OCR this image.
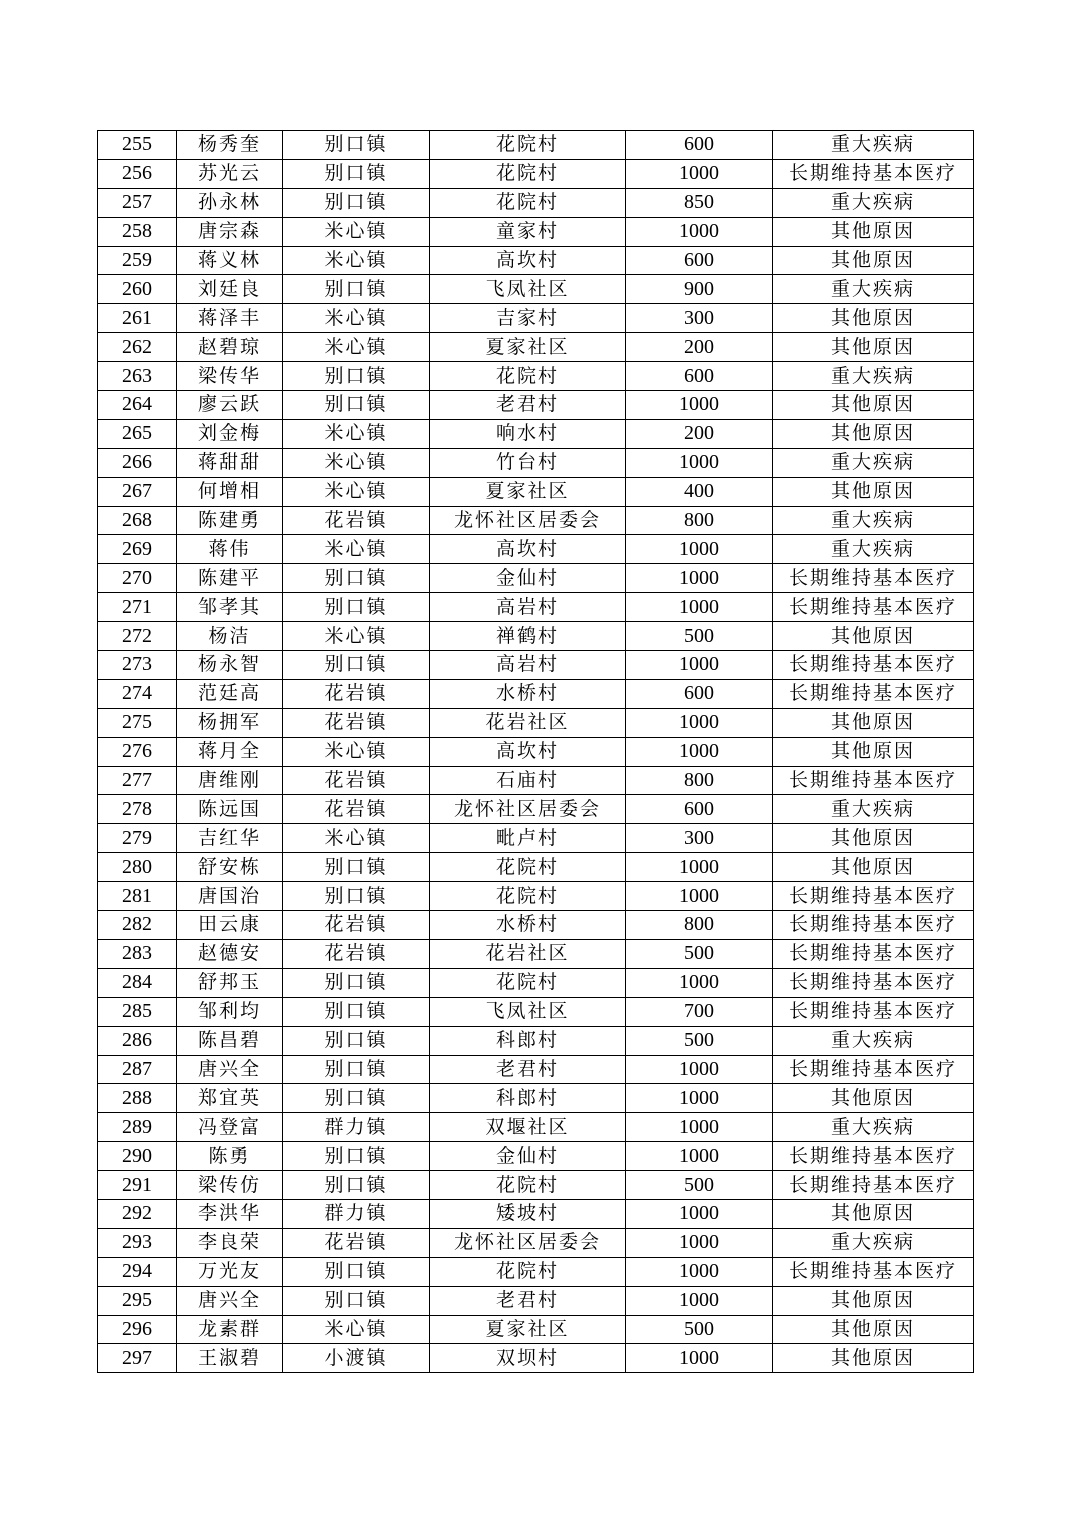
255	杨秀奎	别口镇	花院村	600	重大疾病
256	苏光云	别口镇	花院村	1000	长期维持基本医疗
257	孙永林	别口镇	花院村	850	重大疾病
258	唐宗森	米心镇	童家村	1000	其他原因
259	蒋义林	米心镇	高坎村	600	其他原因
260	刘廷良	别口镇	飞凤社区	900	重大疾病
261	蒋泽丰	米心镇	吉家村	300	其他原因
262	赵碧琼	米心镇	夏家社区	200	其他原因
263	梁传华	别口镇	花院村	600	重大疾病
264	廖云跃	别口镇	老君村	1000	其他原因
265	刘金梅	米心镇	响水村	200	其他原因
266	蒋甜甜	米心镇	竹台村	1000	重大疾病
267	何增相	米心镇	夏家社区	400	其他原因
268	陈建勇	花岩镇	龙怀社区居委会	800	重大疾病
269	蒋伟	米心镇	高坎村	1000	重大疾病
270	陈建平	别口镇	金仙村	1000	长期维持基本医疗
271	邹孝其	别口镇	高岩村	1000	长期维持基本医疗
272	杨洁	米心镇	禅鹤村	500	其他原因
273	杨永智	别口镇	高岩村	1000	长期维持基本医疗
274	范廷高	花岩镇	水桥村	600	长期维持基本医疗
275	杨拥军	花岩镇	花岩社区	1000	其他原因
276	蒋月全	米心镇	高坎村	1000	其他原因
277	唐维刚	花岩镇	石庙村	800	长期维持基本医疗
278	陈远国	花岩镇	龙怀社区居委会	600	重大疾病
279	吉红华	米心镇	毗卢村	300	其他原因
280	舒安栋	别口镇	花院村	1000	其他原因
281	唐国治	别口镇	花院村	1000	长期维持基本医疗
282	田云康	花岩镇	水桥村	800	长期维持基本医疗
283	赵德安	花岩镇	花岩社区	500	长期维持基本医疗
284	舒邦玉	别口镇	花院村	1000	长期维持基本医疗
285	邹利均	别口镇	飞凤社区	700	长期维持基本医疗
286	陈昌碧	别口镇	科郎村	500	重大疾病
287	唐兴全	别口镇	老君村	1000	长期维持基本医疗
288	郑宜英	别口镇	科郎村	1000	其他原因
289	冯登富	群力镇	双堰社区	1000	重大疾病
290	陈勇	别口镇	金仙村	1000	长期维持基本医疗
291	梁传仿	别口镇	花院村	500	长期维持基本医疗
292	李洪华	群力镇	矮坡村	1000	其他原因
293	李良荣	花岩镇	龙怀社区居委会	1000	重大疾病
294	万光友	别口镇	花院村	1000	长期维持基本医疗
295	唐兴全	别口镇	老君村	1000	其他原因
296	龙素群	米心镇	夏家社区	500	其他原因
297	王淑碧	小渡镇	双坝村	1000	其他原因
